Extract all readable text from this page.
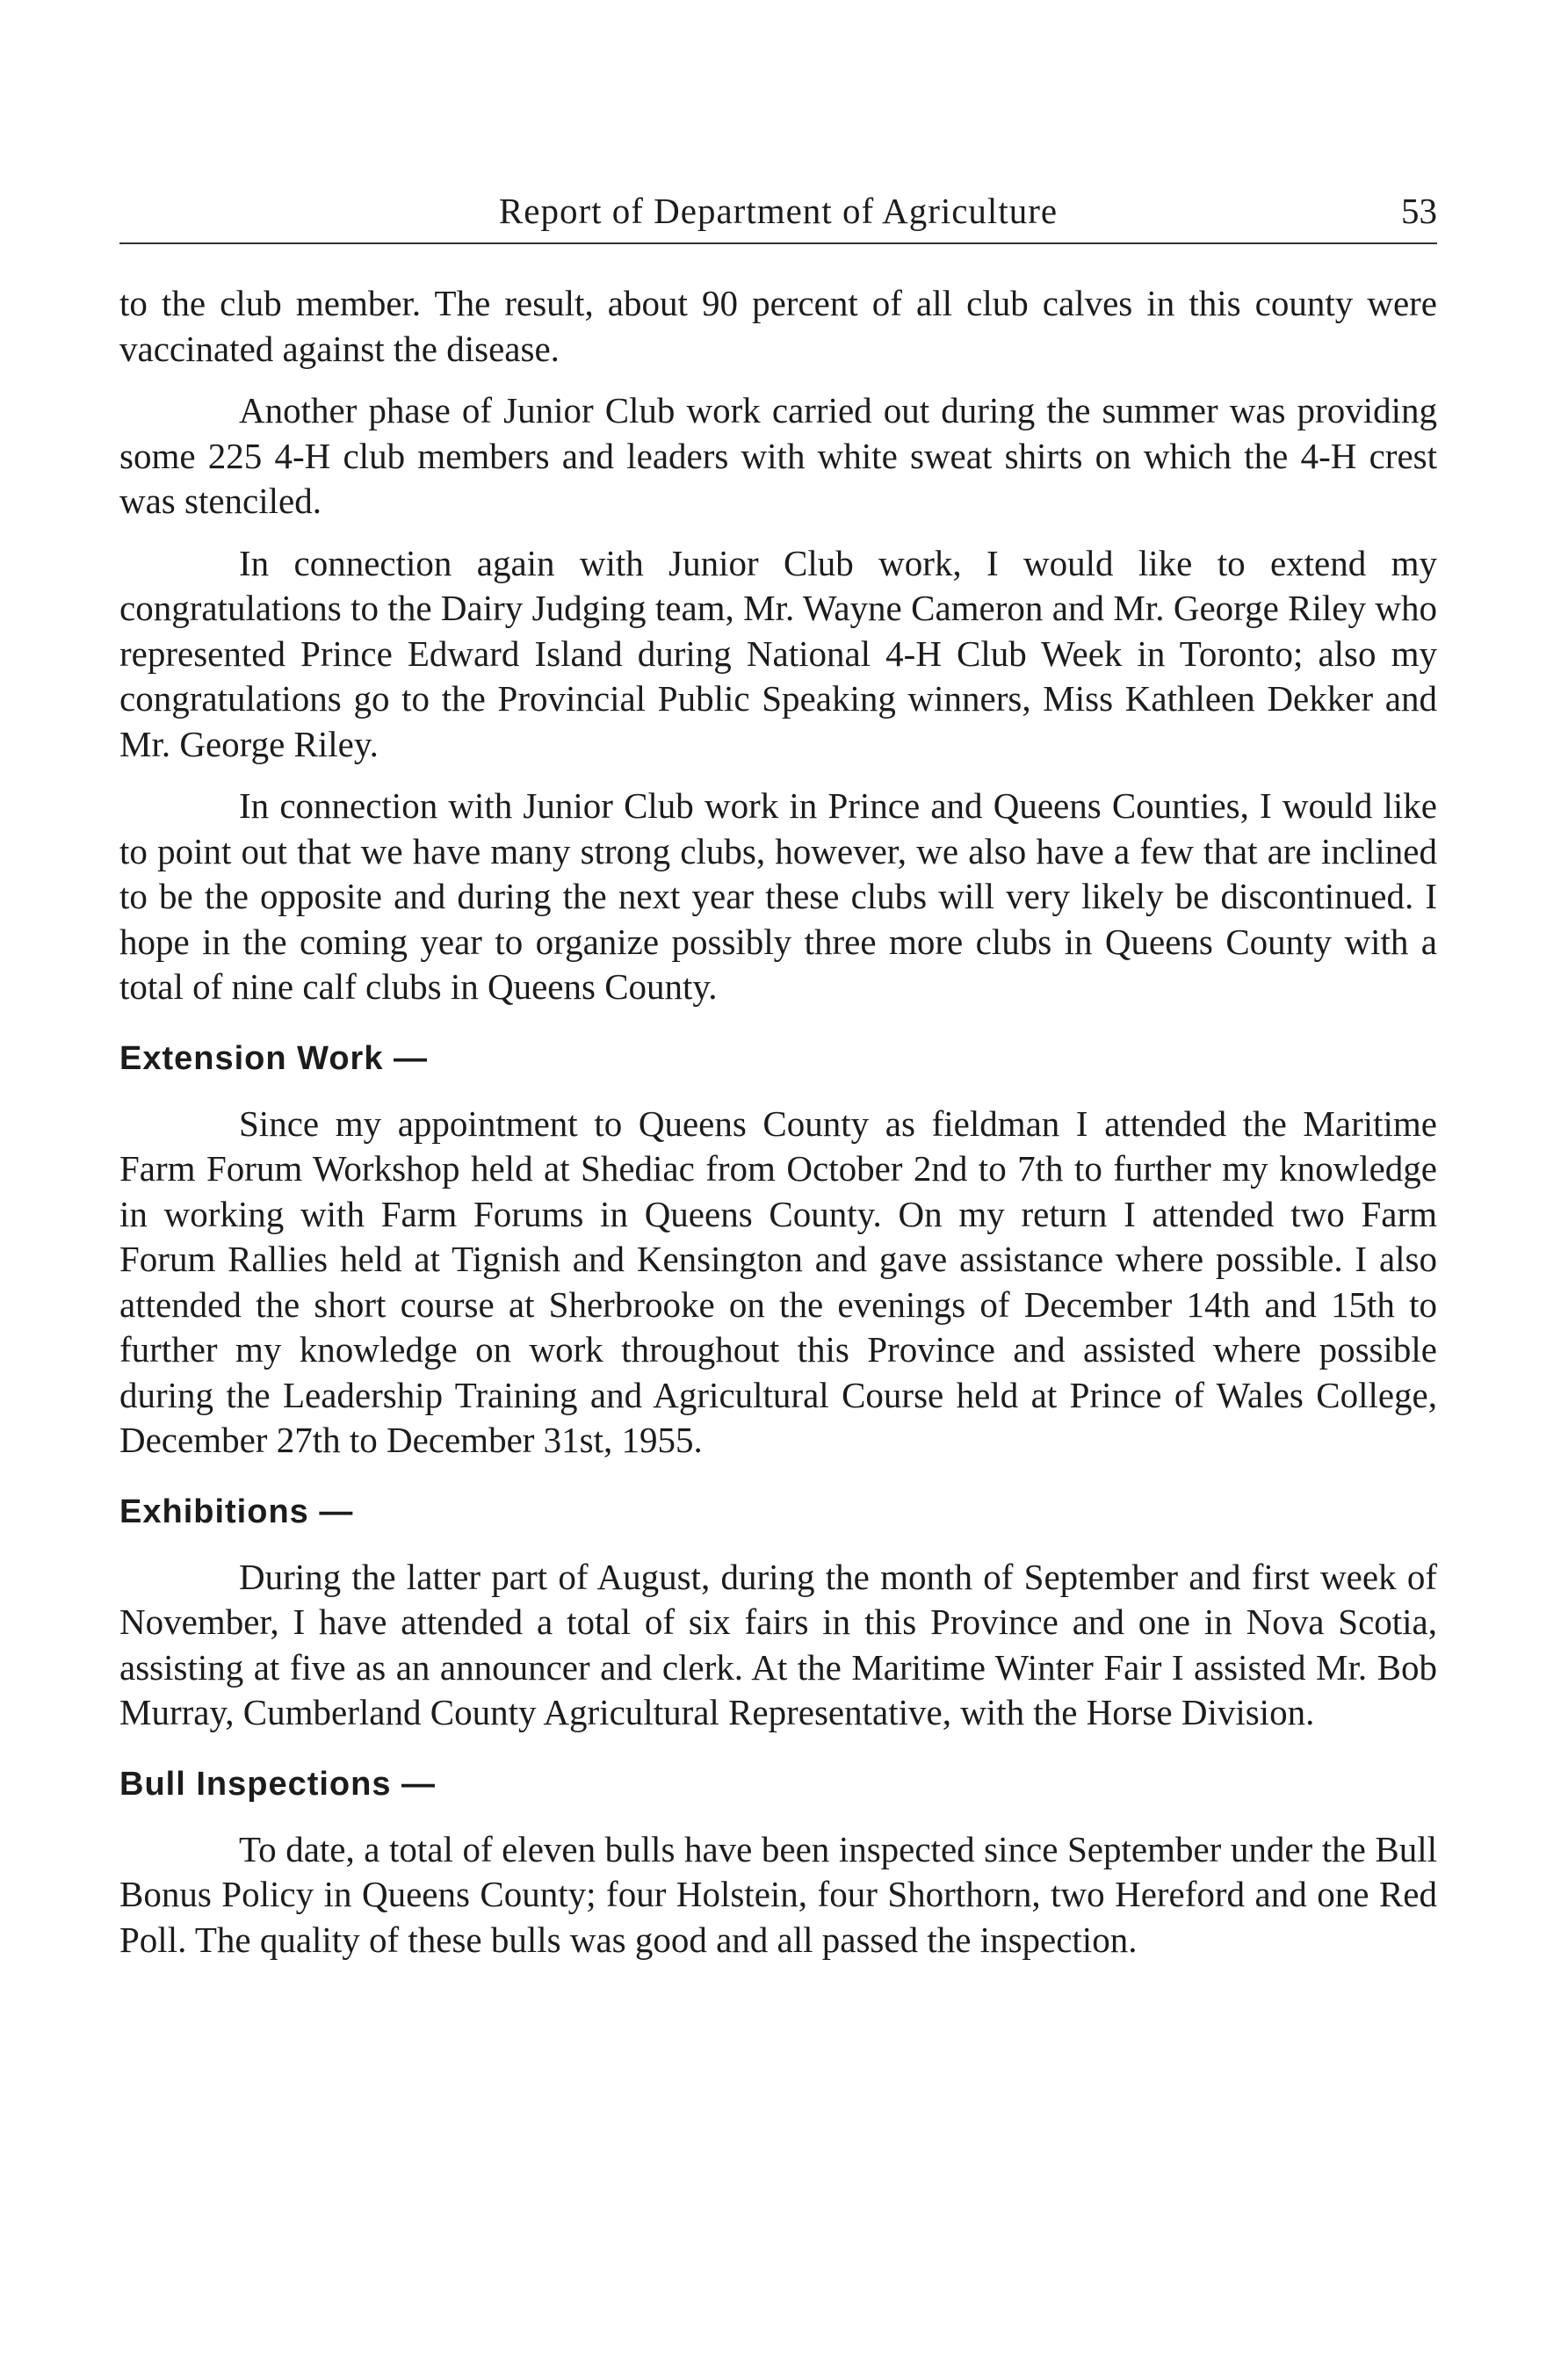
Report of Department of Agriculture	53

to the club member. The result, about 90 percent of all club calves in this county were vaccinated against the disease.

Another phase of Junior Club work carried out during the summer was providing some 225 4-H club members and leaders with white sweat shirts on which the 4-H crest was stenciled.

In connection again with Junior Club work, I would like to extend my congratulations to the Dairy Judging team, Mr. Wayne Cameron and Mr. George Riley who represented Prince Edward Island during National 4-H Club Week in Toronto; also my congratulations go to the Provincial Public Speaking winners, Miss Kathleen Dekker and Mr. George Riley.

In connection with Junior Club work in Prince and Queens Counties, I would like to point out that we have many strong clubs, however, we also have a few that are inclined to be the opposite and during the next year these clubs will very likely be discontinued. I hope in the coming year to organize possibly three more clubs in Queens County with a total of nine calf clubs in Queens County.

Extension Work —

Since my appointment to Queens County as fieldman I attended the Maritime Farm Forum Workshop held at Shediac from October 2nd to 7th to further my knowledge in working with Farm Forums in Queens County. On my return I attended two Farm Forum Rallies held at Tignish and Kensington and gave assistance where possible. I also attended the short course at Sherbrooke on the evenings of December 14th and 15th to further my knowledge on work throughout this Province and assisted where possible during the Leadership Training and Agricultural Course held at Prince of Wales College, December 27th to December 31st, 1955.

Exhibitions —

During the latter part of August, during the month of September and first week of November, I have attended a total of six fairs in this Province and one in Nova Scotia, assisting at five as an announcer and clerk. At the Maritime Winter Fair I assisted Mr. Bob Murray, Cumberland County Agricultural Representative, with the Horse Division.

Bull Inspections —

To date, a total of eleven bulls have been inspected since September under the Bull Bonus Policy in Queens County; four Holstein, four Shorthorn, two Hereford and one Red Poll. The quality of these bulls was good and all passed the inspection.
